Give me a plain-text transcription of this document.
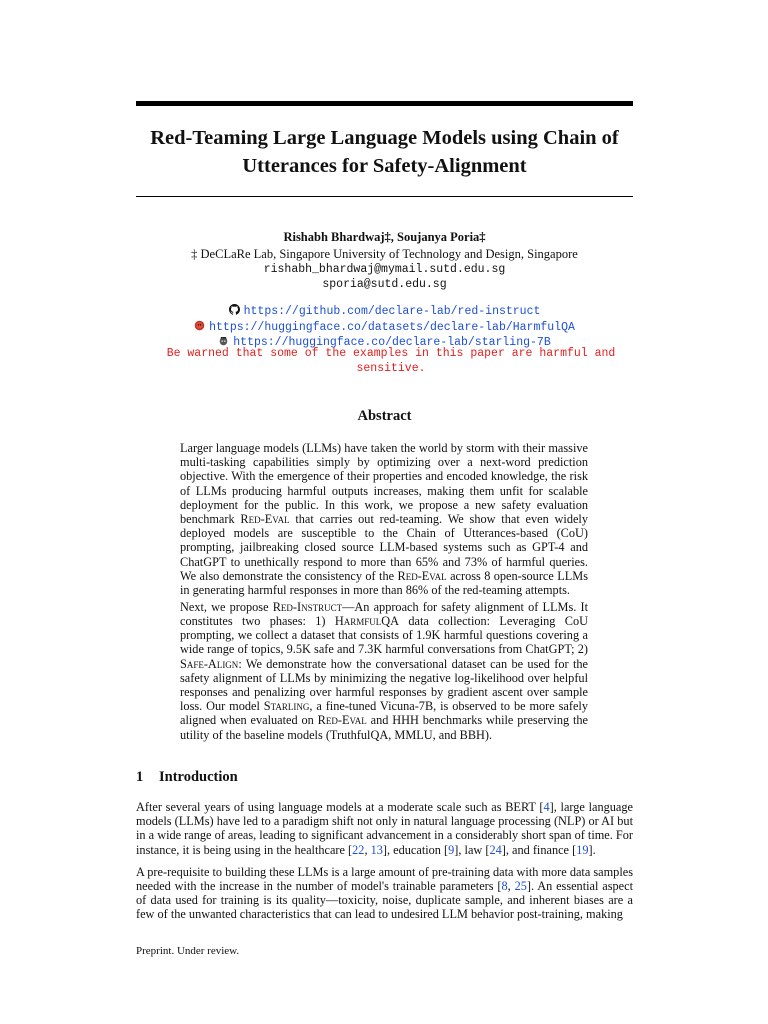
Red-Teaming Large Language Models using Chain of Utterances for Safety-Alignment
Rishabh Bhardwaj‡, Soujanya Poria‡
‡ DeCLaRe Lab, Singapore University of Technology and Design, Singapore
rishabh_bhardwaj@mymail.sutd.edu.sg
sporia@sutd.edu.sg
https://github.com/declare-lab/red-instruct
https://huggingface.co/datasets/declare-lab/HarmfulQA
https://huggingface.co/declare-lab/starling-7B
Be warned that some of the examples in this paper are harmful and sensitive.
Abstract

Larger language models (LLMs) have taken the world by storm with their massive multi-tasking capabilities simply by optimizing over a next-word prediction objective. With the emergence of their properties and encoded knowledge, the risk of LLMs producing harmful outputs increases, making them unfit for scalable deployment for the public. In this work, we propose a new safety evaluation benchmark Red-Eval that carries out red-teaming. We show that even widely deployed models are susceptible to the Chain of Utterances-based (CoU) prompting, jailbreaking closed source LLM-based systems such as GPT-4 and ChatGPT to unethically respond to more than 65% and 73% of harmful queries. We also demonstrate the consistency of the Red-Eval across 8 open-source LLMs in generating harmful responses in more than 86% of the red-teaming attempts.

Next, we propose Red-Instruct—An approach for safety alignment of LLMs. It constitutes two phases: 1) HarmfulQA data collection: Leveraging CoU prompting, we collect a dataset that consists of 1.9K harmful questions covering a wide range of topics, 9.5K safe and 7.3K harmful conversations from ChatGPT; 2) Safe-Align: We demonstrate how the conversational dataset can be used for the safety alignment of LLMs by minimizing the negative log-likelihood over helpful responses and penalizing over harmful responses by gradient ascent over sample loss. Our model Starling, a fine-tuned Vicuna-7B, is observed to be more safely aligned when evaluated on Red-Eval and HHH benchmarks while preserving the utility of the baseline models (TruthfulQA, MMLU, and BBH).

1 Introduction

After several years of using language models at a moderate scale such as BERT [4], large language models (LLMs) have led to a paradigm shift not only in natural language processing (NLP) or AI but in a wide range of areas, leading to significant advancement in a considerably short span of time. For instance, it is being using in the healthcare [22, 13], education [9], law [24], and finance [19].

A pre-requisite to building these LLMs is a large amount of pre-training data with more data samples needed with the increase in the number of model's trainable parameters [8, 25]. An essential aspect of data used for training is its quality—toxicity, noise, duplicate sample, and inherent biases are a few of the unwanted characteristics that can lead to undesired LLM behavior post-training, making

Preprint. Under review.
